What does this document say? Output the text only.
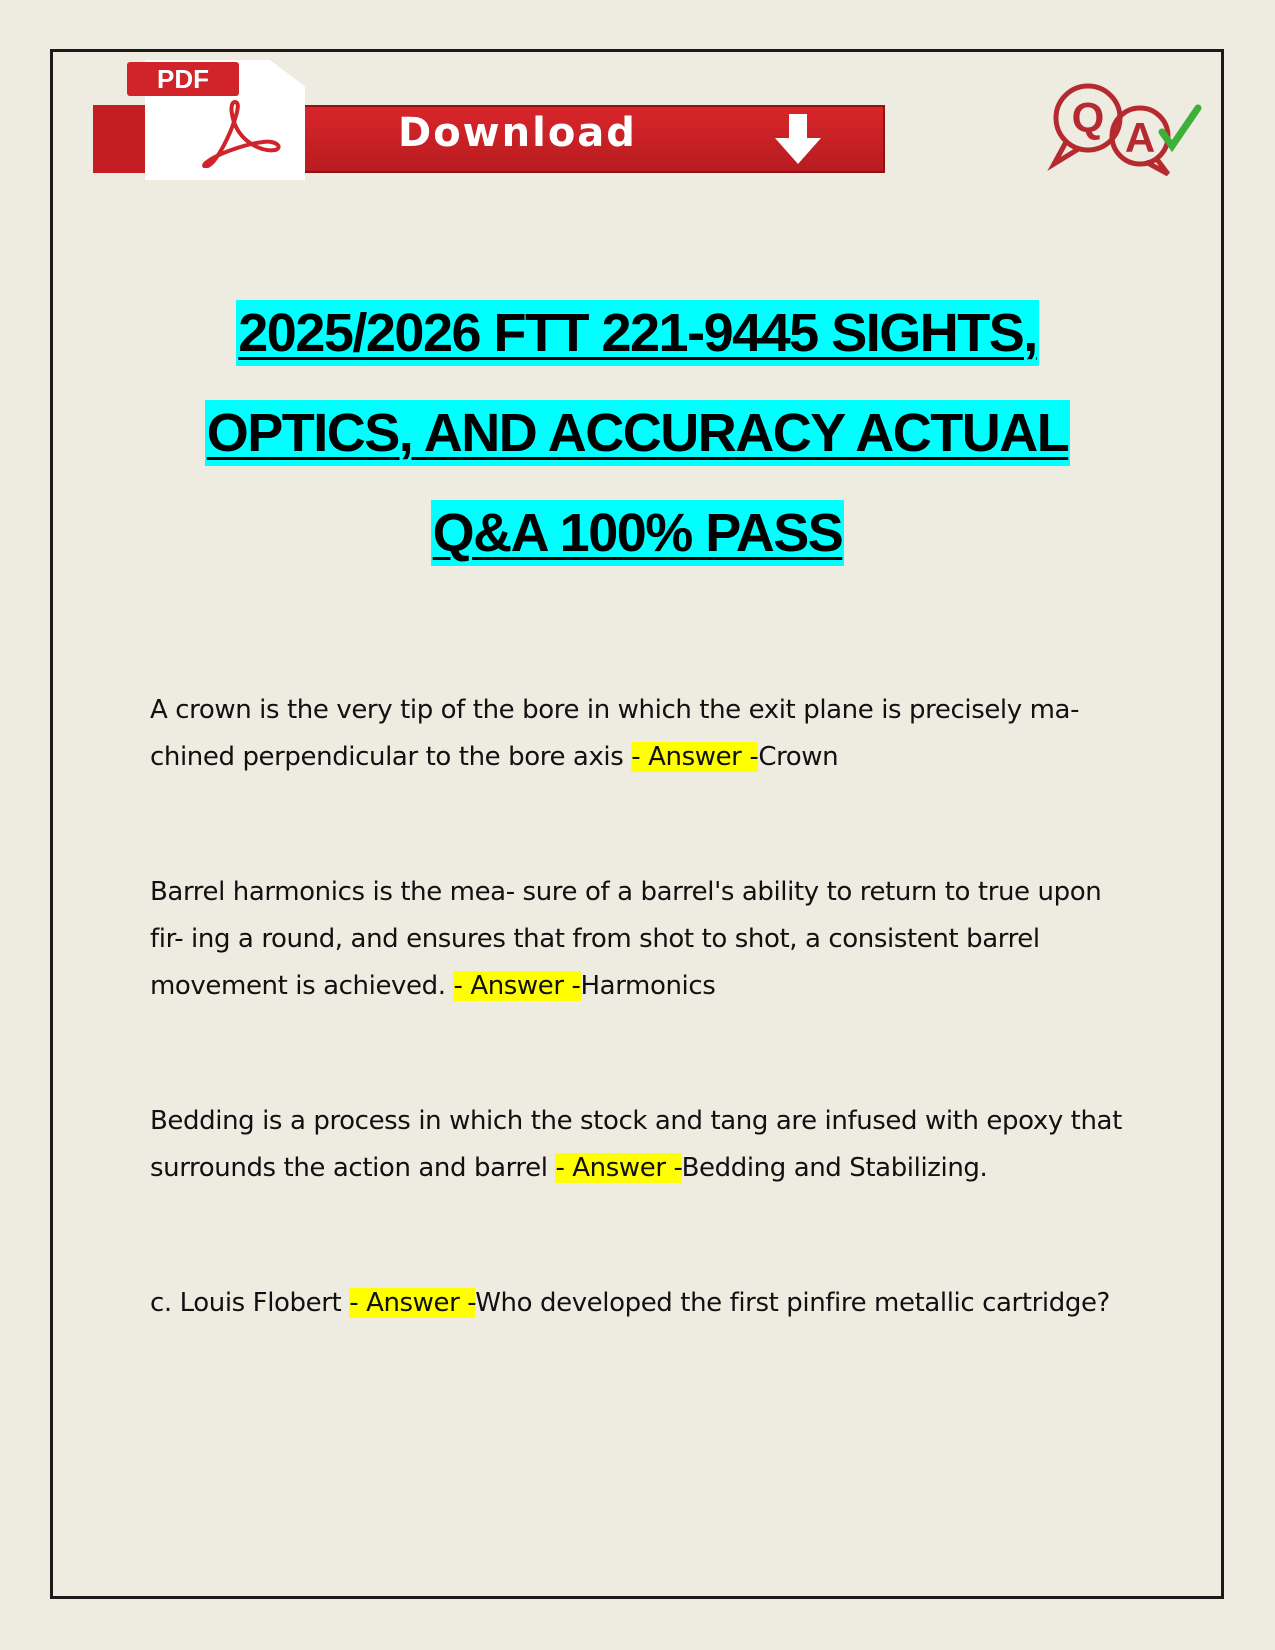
PDF
Download	Q A
2025/2026 FTT 221-9445 SIGHTS,
OPTICS, AND ACCURACY ACTUAL
Q&A 100% PASS
A crown is the very tip of the bore in which the exit plane is precisely ma- chined perpendicular to the bore axis - Answer -Crown
Barrel harmonics is the mea- sure of a barrel's ability to return to true upon fir- ing a round, and ensures that from shot to shot, a consistent barrel movement is achieved. - Answer -Harmonics
Bedding is a process in which the stock and tang are infused with epoxy that surrounds the action and barrel - Answer -Bedding and Stabilizing.
c. Louis Flobert - Answer -Who developed the first pinfire metallic cartridge?
